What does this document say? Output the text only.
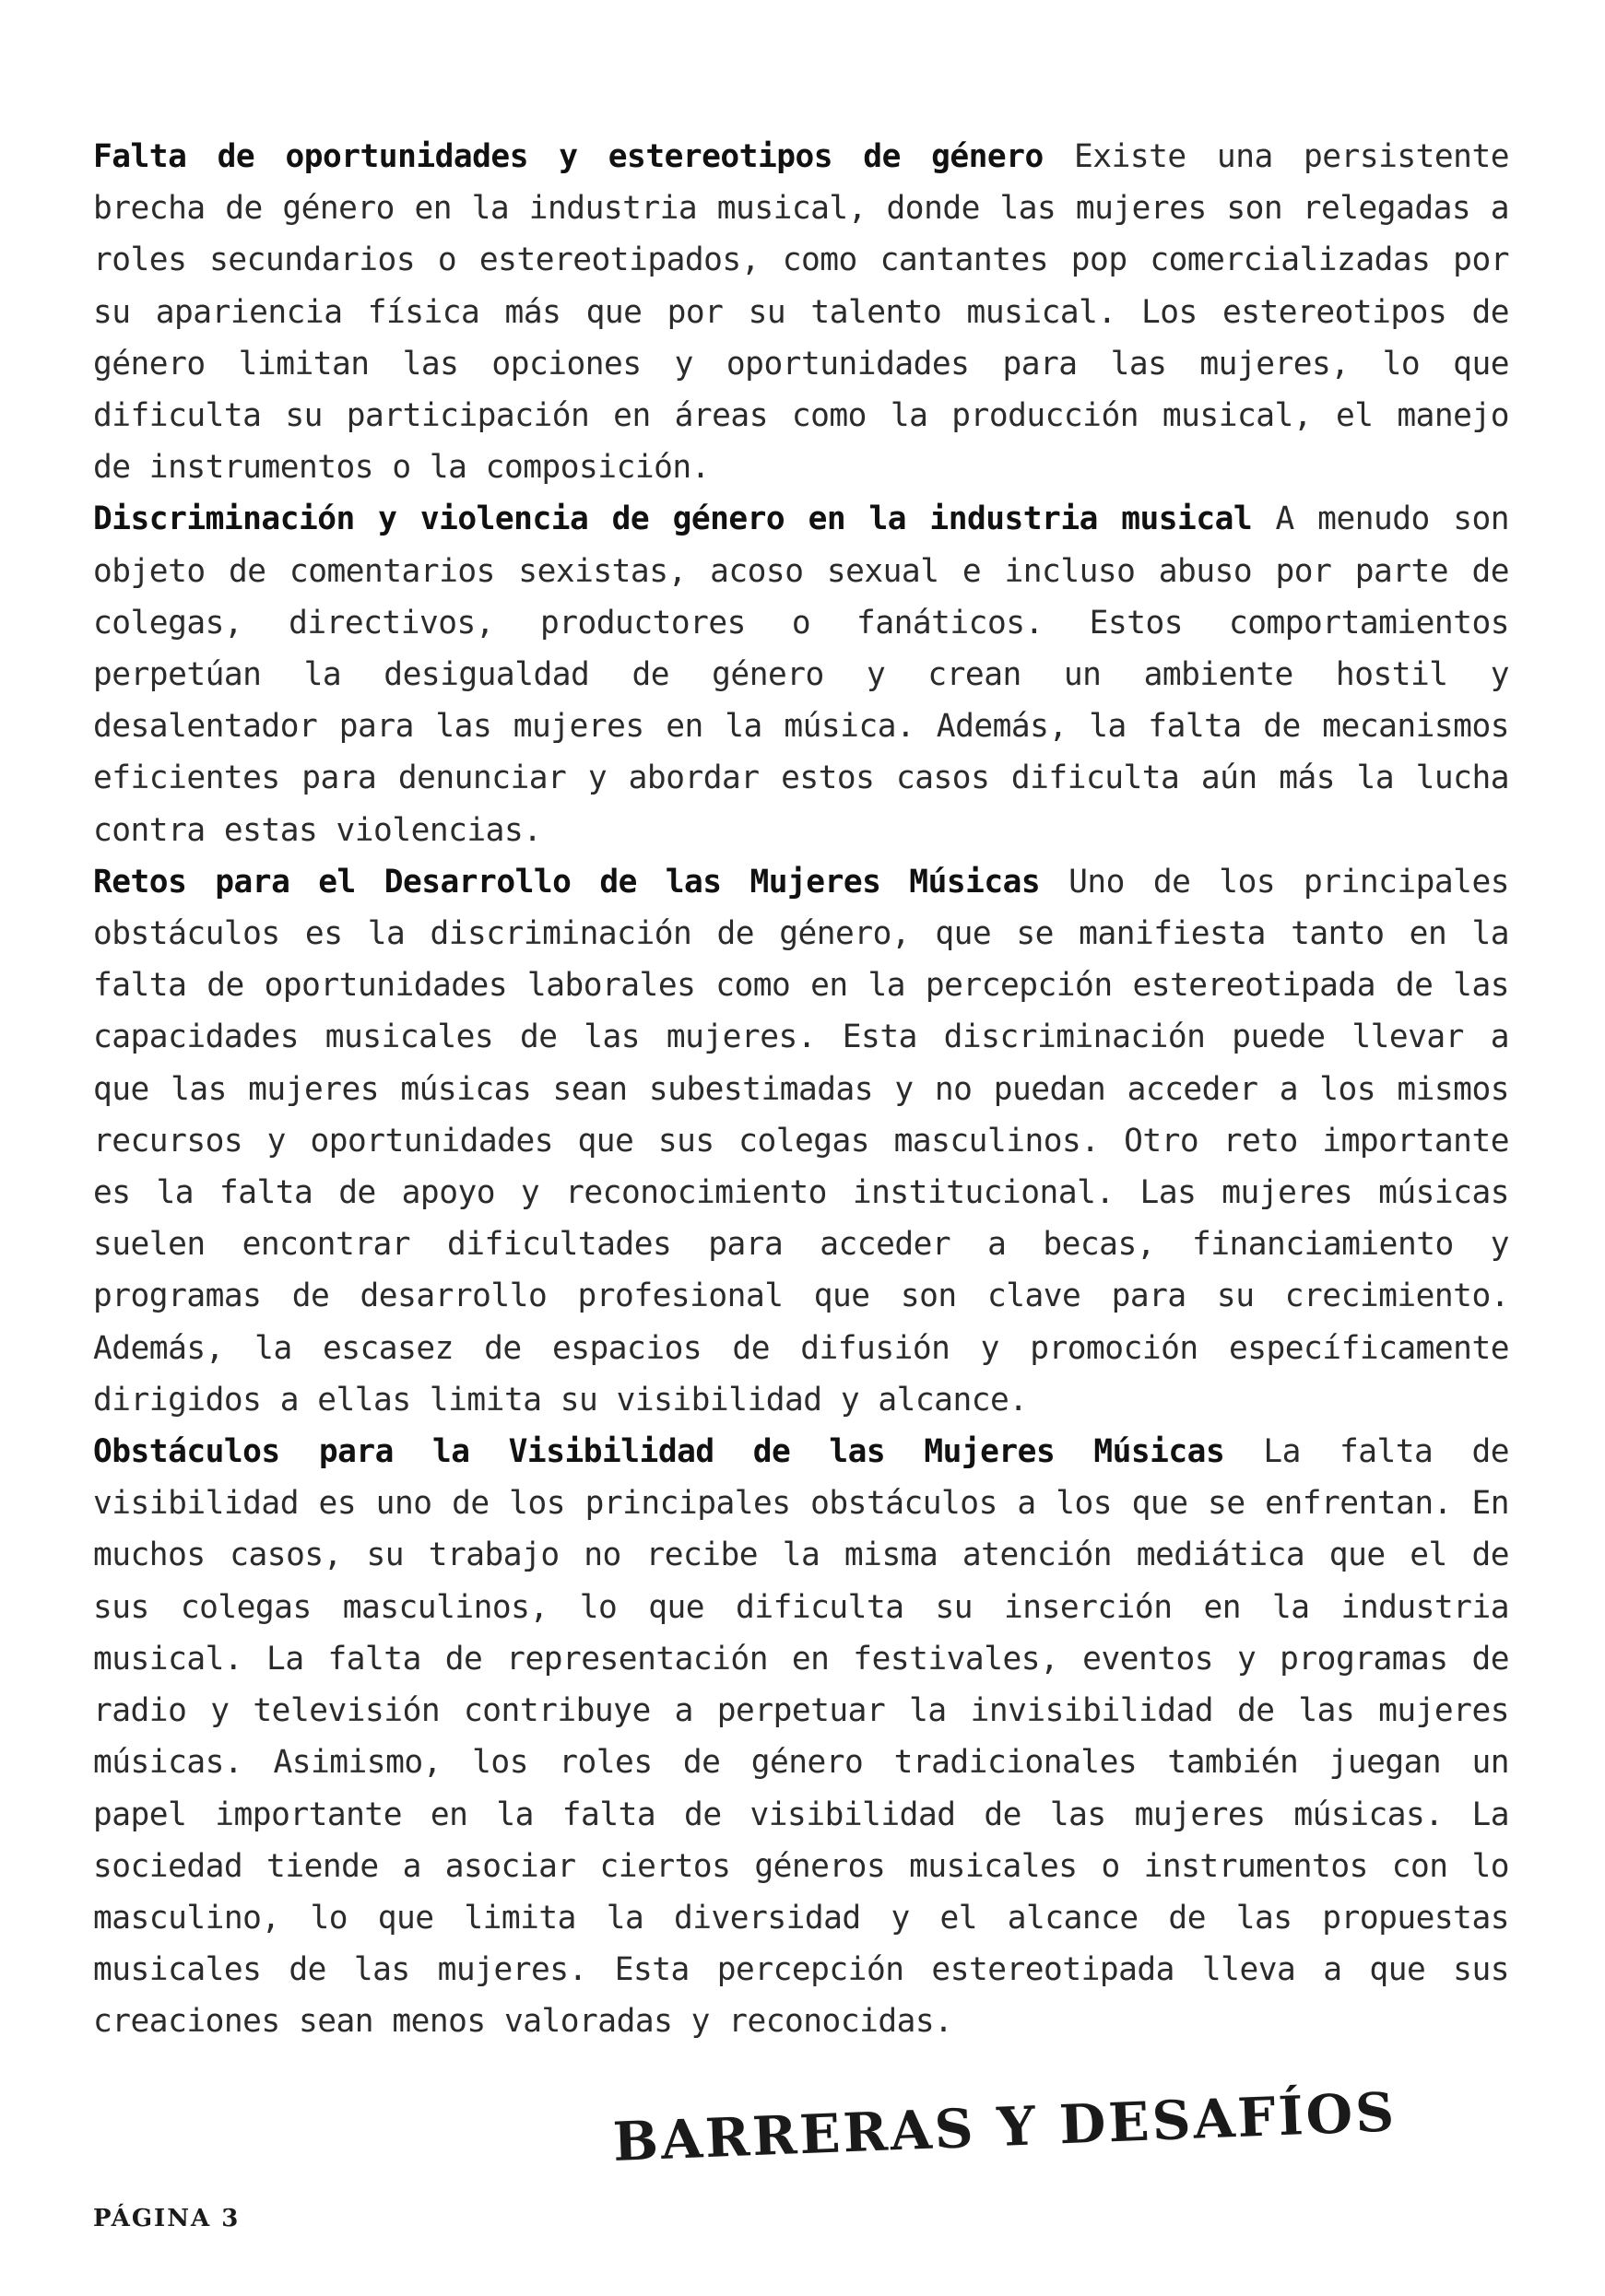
Falta de oportunidades y estereotipos de género Existe una persistente brecha de género en la industria musical, donde las mujeres son relegadas a roles secundarios o estereotipados, como cantantes pop comercializadas por su apariencia física más que por su talento musical. Los estereotipos de género limitan las opciones y oportunidades para las mujeres, lo que dificulta su participación en áreas como la producción musical, el manejo de instrumentos o la composición.

Discriminación y violencia de género en la industria musical A menudo son objeto de comentarios sexistas, acoso sexual e incluso abuso por parte de colegas, directivos, productores o fanáticos. Estos comportamientos perpetúan la desigualdad de género y crean un ambiente hostil y desalentador para las mujeres en la música. Además, la falta de mecanismos eficientes para denunciar y abordar estos casos dificulta aún más la lucha contra estas violencias.

Retos para el Desarrollo de las Mujeres Músicas Uno de los principales obstáculos es la discriminación de género, que se manifiesta tanto en la falta de oportunidades laborales como en la percepción estereotipada de las capacidades musicales de las mujeres. Esta discriminación puede llevar a que las mujeres músicas sean subestimadas y no puedan acceder a los mismos recursos y oportunidades que sus colegas masculinos. Otro reto importante es la falta de apoyo y reconocimiento institucional. Las mujeres músicas suelen encontrar dificultades para acceder a becas, financiamiento y programas de desarrollo profesional que son clave para su crecimiento. Además, la escasez de espacios de difusión y promoción específicamente dirigidos a ellas limita su visibilidad y alcance.

Obstáculos para la Visibilidad de las Mujeres Músicas La falta de visibilidad es uno de los principales obstáculos a los que se enfrentan. En muchos casos, su trabajo no recibe la misma atención mediática que el de sus colegas masculinos, lo que dificulta su inserción en la industria musical. La falta de representación en festivales, eventos y programas de radio y televisión contribuye a perpetuar la invisibilidad de las mujeres músicas. Asimismo, los roles de género tradicionales también juegan un papel importante en la falta de visibilidad de las mujeres músicas. La sociedad tiende a asociar ciertos géneros musicales o instrumentos con lo masculino, lo que limita la diversidad y el alcance de las propuestas musicales de las mujeres. Esta percepción estereotipada lleva a que sus creaciones sean menos valoradas y reconocidas.

BARRERAS Y DESAFÍOS
PÁGINA 3
